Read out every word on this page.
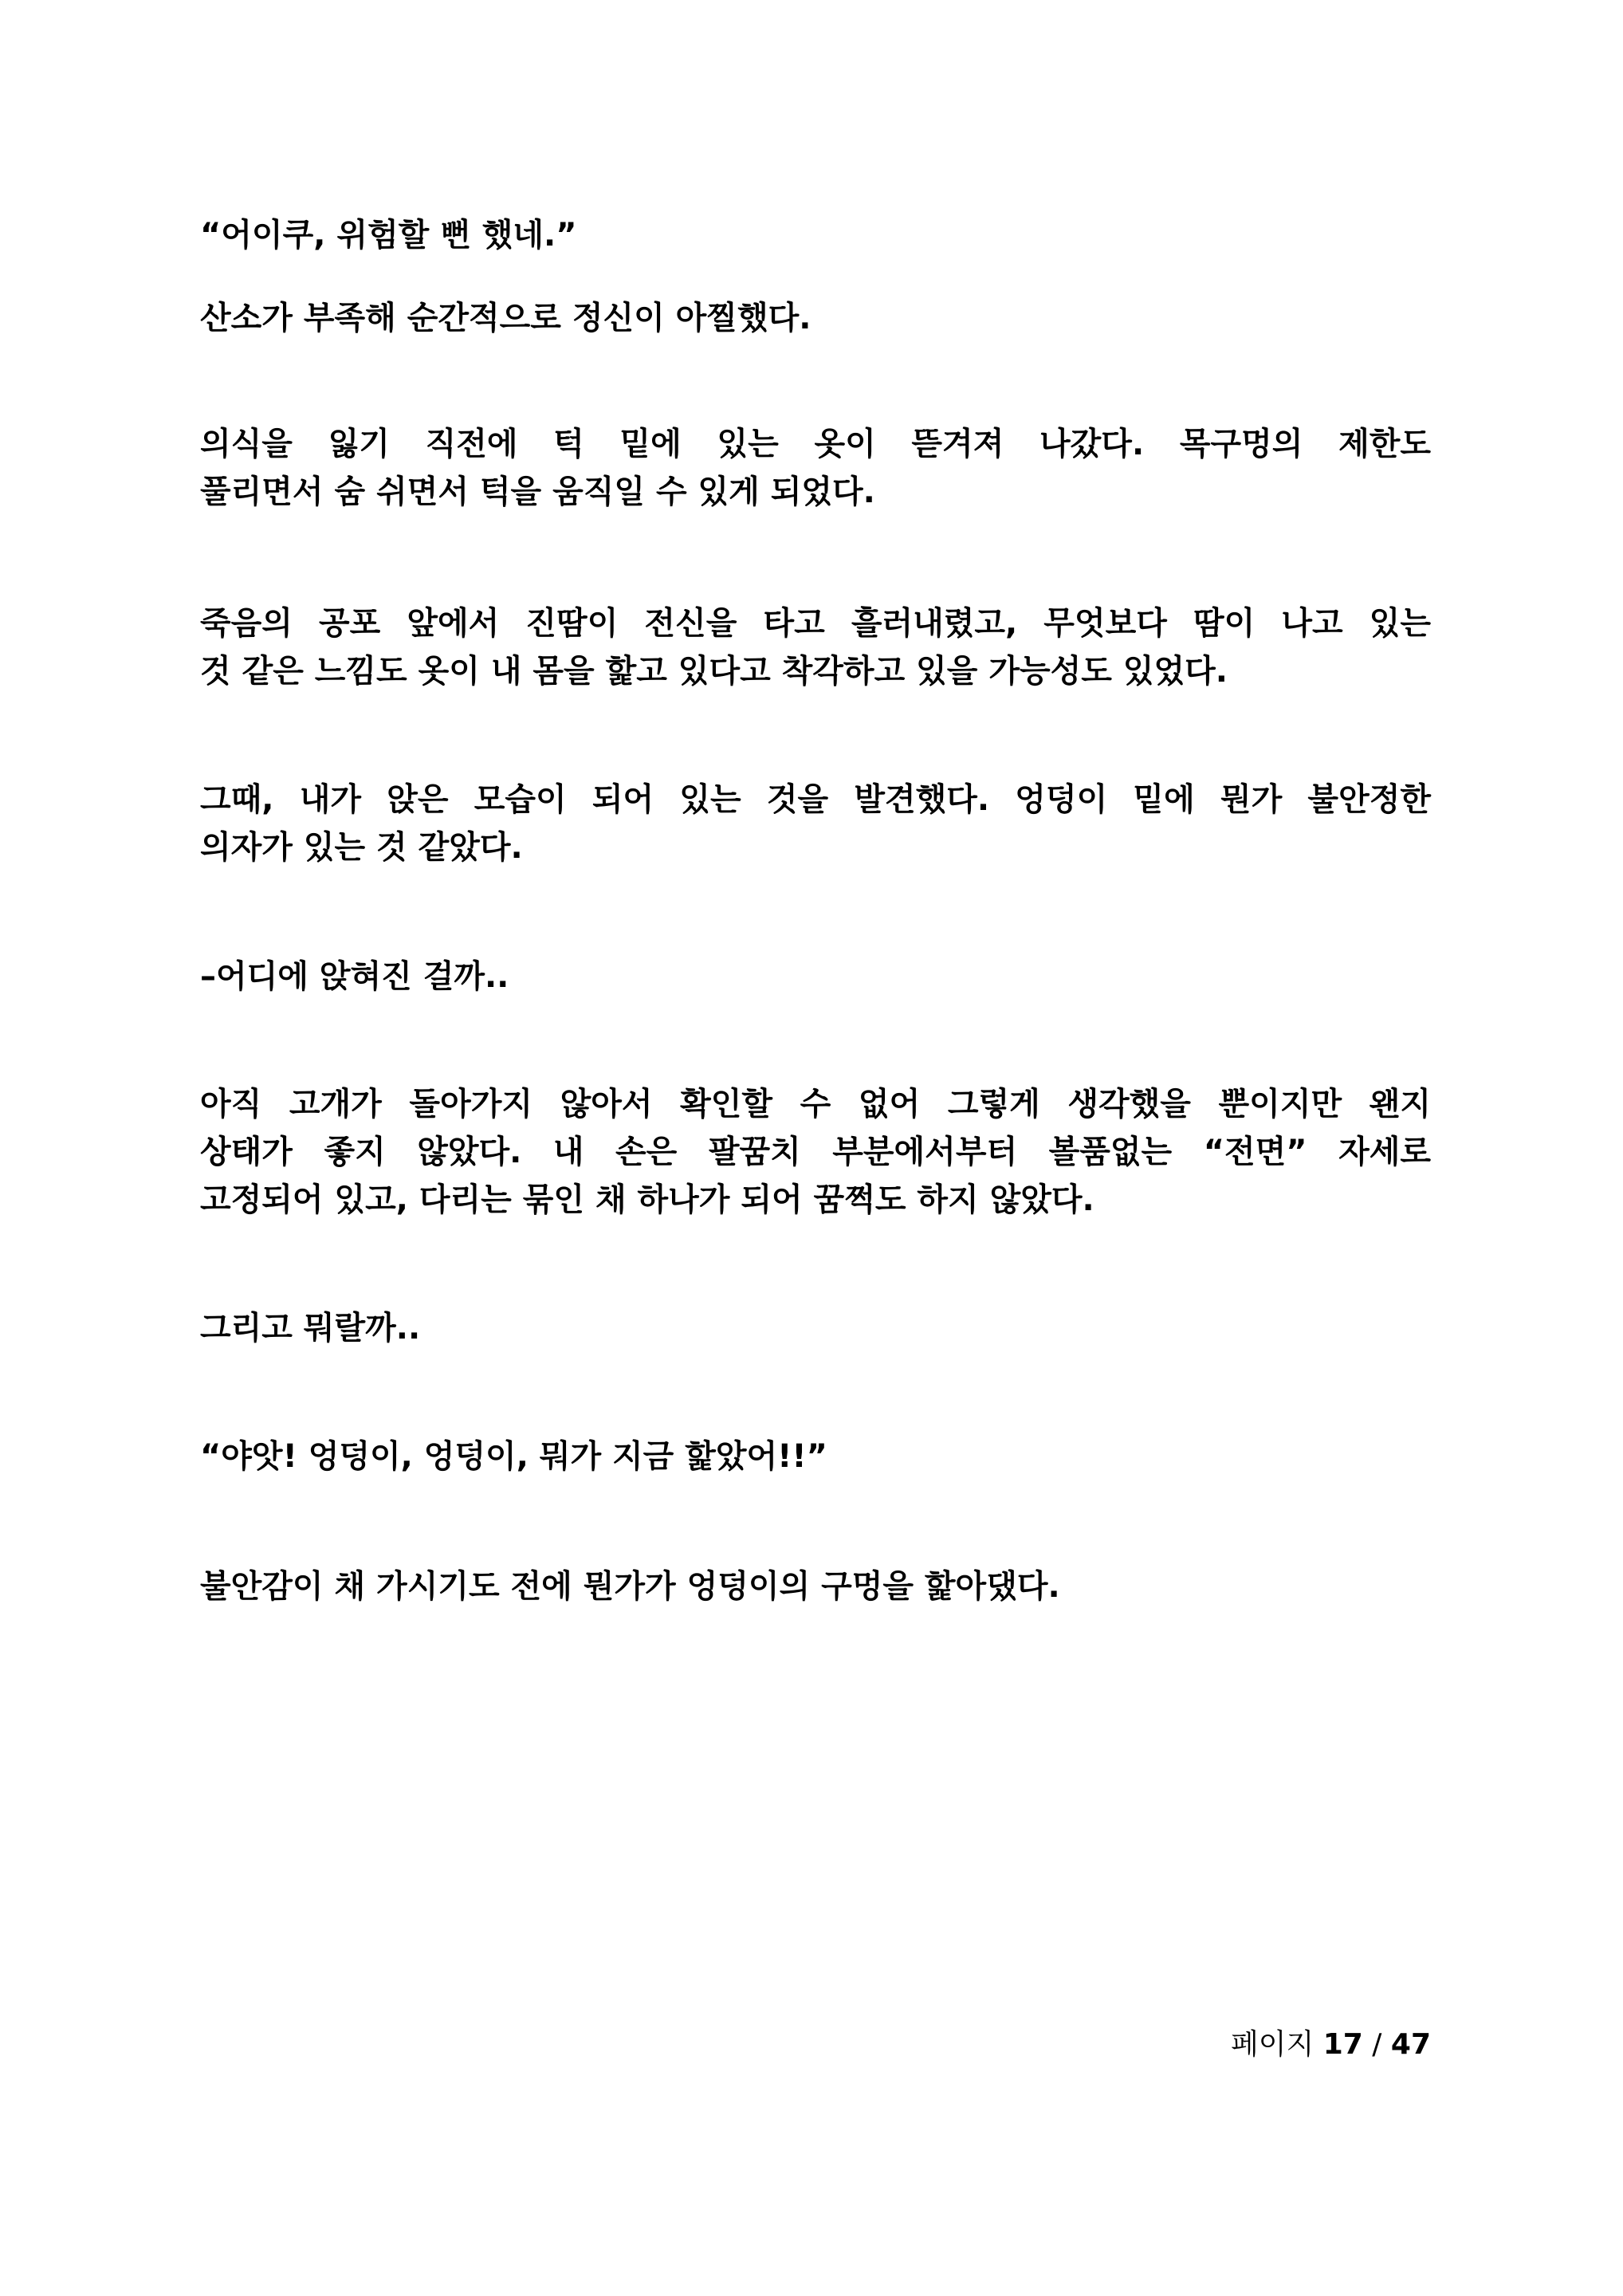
“어이쿠, 위험할 뻔 했네.”

산소가 부족해 순간적으로 정신이 아찔했다.

의식을 잃기 직전에 턱 밑에 있는 옷이 뜯겨져 나갔다. 목구멍의 제한도
풀리면서 숨 쉬면서 턱을 움직일 수 있게 되었다.

죽음의 공포 앞에서 진땀이 전신을 타고 흘러내렸고, 무엇보다 땀이 나고 있는
것 같은 느낌도 옷이 내 몸을 핥고 있다고 착각하고 있을 가능성도 있었다.

그때, 내가 앉은 모습이 되어 있는 것을 발견했다. 엉덩이 밑에 뭔가 불안정한
의자가 있는 것 같았다.

–어디에 앉혀진 걸까..

아직 고개가 돌아가지 않아서 확인할 수 없어 그렇게 생각했을 뿐이지만 왠지
상태가 좋지 않았다. 내 손은 팔꿈치 부분에서부터 볼품없는 “전면” 자세로
고정되어 있고, 다리는 묶인 채 하나가 되어 꿈쩍도 하지 않았다.

그리고 뭐랄까..

“야앗! 엉덩이, 엉덩이, 뭐가 지금 핥았어!!”

불안감이 채 가시기도 전에 뭔가가 엉덩이의 구멍을 핥아댔다.

페이지 17 / 47
